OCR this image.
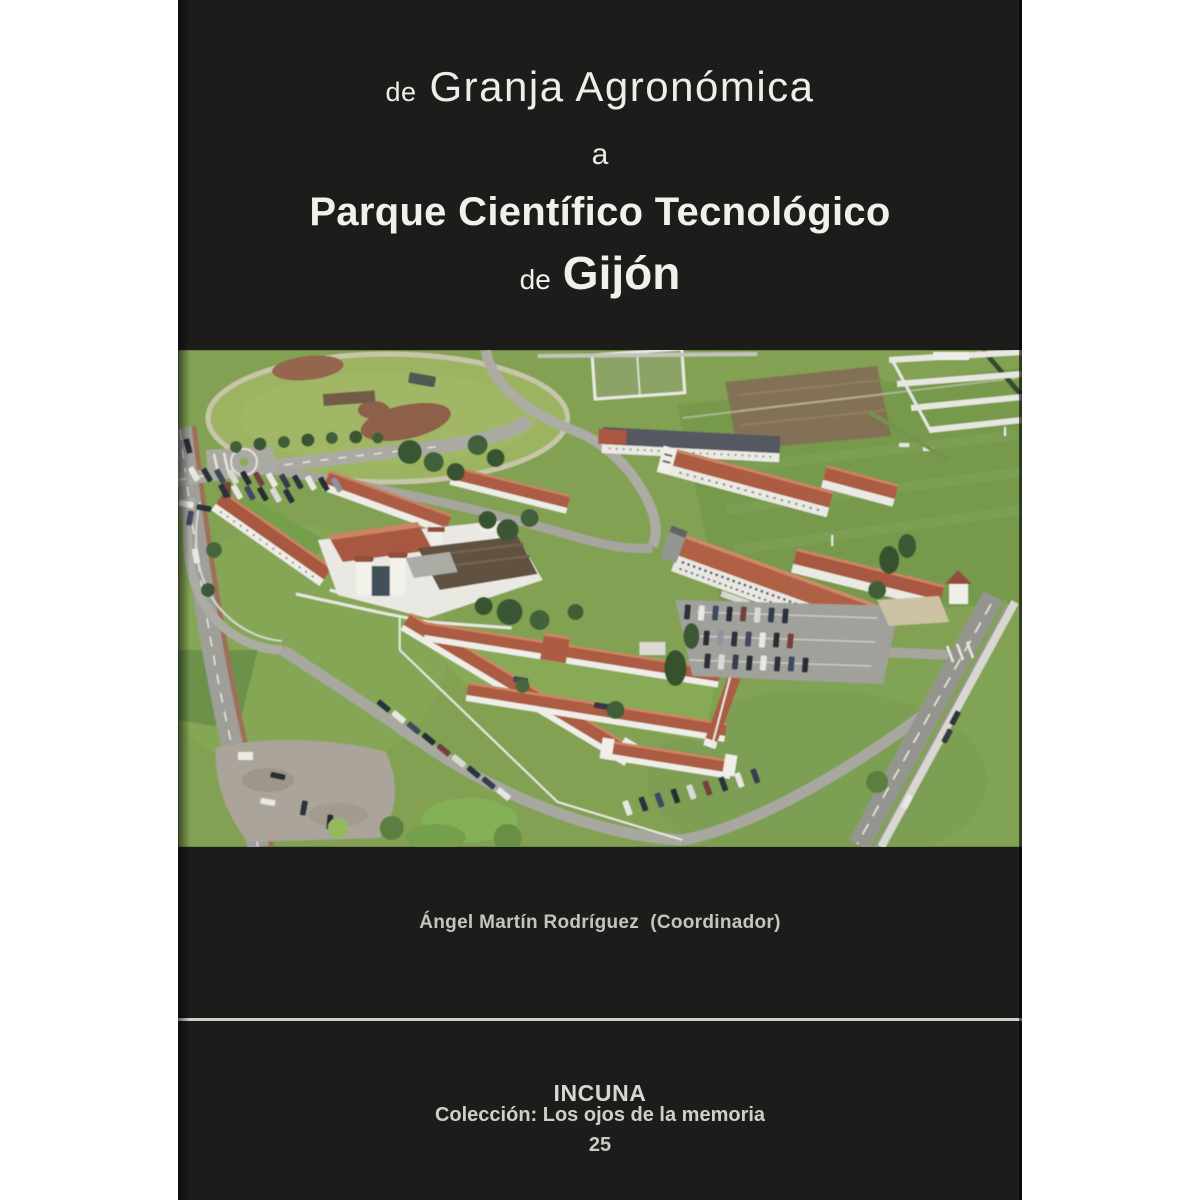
de Granja Agronómica
a
Parque Científico Tecnológico
de Gijón
Ángel Martín Rodríguez  (Coordinador)
INCUNA
Colección: Los ojos de la memoria
25
